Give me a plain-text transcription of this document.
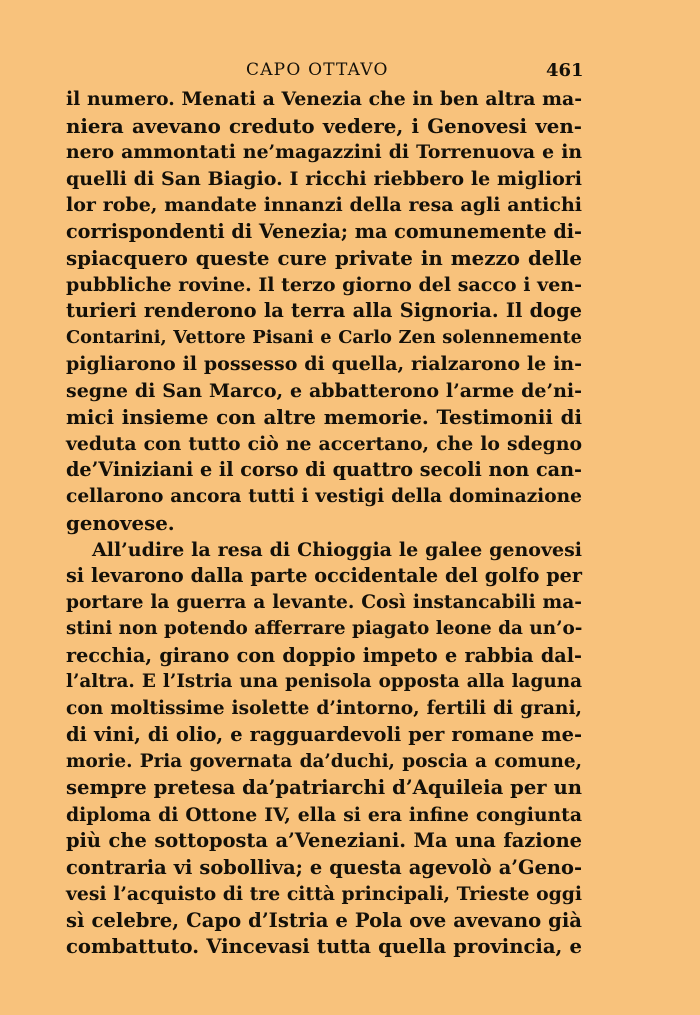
CAPO OTTAVO	461
il numero. Menati a Venezia che in ben altra ma-
niera avevano creduto vedere, i Genovesi ven-
nero ammontati ne’magazzini di Torrenuova e in
quelli di San Biagio. I ricchi riebbero le migliori
lor robe, mandate innanzi della resa agli antichi
corrispondenti di Venezia; ma comunemente di-
spiacquero queste cure private in mezzo delle
pubbliche rovine. Il terzo giorno del sacco i ven-
turieri renderono la terra alla Signoria. Il doge
Contarini, Vettore Pisani e Carlo Zen solennemente
pigliarono il possesso di quella, rialzarono le in-
segne di San Marco, e abbatterono l’arme de’ni-
mici insieme con altre memorie. Testimonii di
veduta con tutto ciò ne accertano, che lo sdegno
de’Viniziani e il corso di quattro secoli non can-
cellarono ancora tutti i vestigi della dominazione
genovese.
All’udire la resa di Chioggia le galee genovesi
si levarono dalla parte occidentale del golfo per
portare la guerra a levante. Così instancabili ma-
stini non potendo afferrare piagato leone da un’o-
recchia, girano con doppio impeto e rabbia dal-
l’altra. E l’Istria una penisola opposta alla laguna
con moltissime isolette d’intorno, fertili di grani,
di vini, di olio, e ragguardevoli per romane me-
morie. Pria governata da’duchi, poscia a comune,
sempre pretesa da’patriarchi d’Aquileia per un
diploma di Ottone IV, ella si era infine congiunta
più che sottoposta a’Veneziani. Ma una fazione
contraria vi sobolliva; e questa agevolò a’Geno-
vesi l’acquisto di tre città principali, Trieste oggi
sì celebre, Capo d’Istria e Pola ove avevano già
combattuto. Vincevasi tutta quella provincia, e
